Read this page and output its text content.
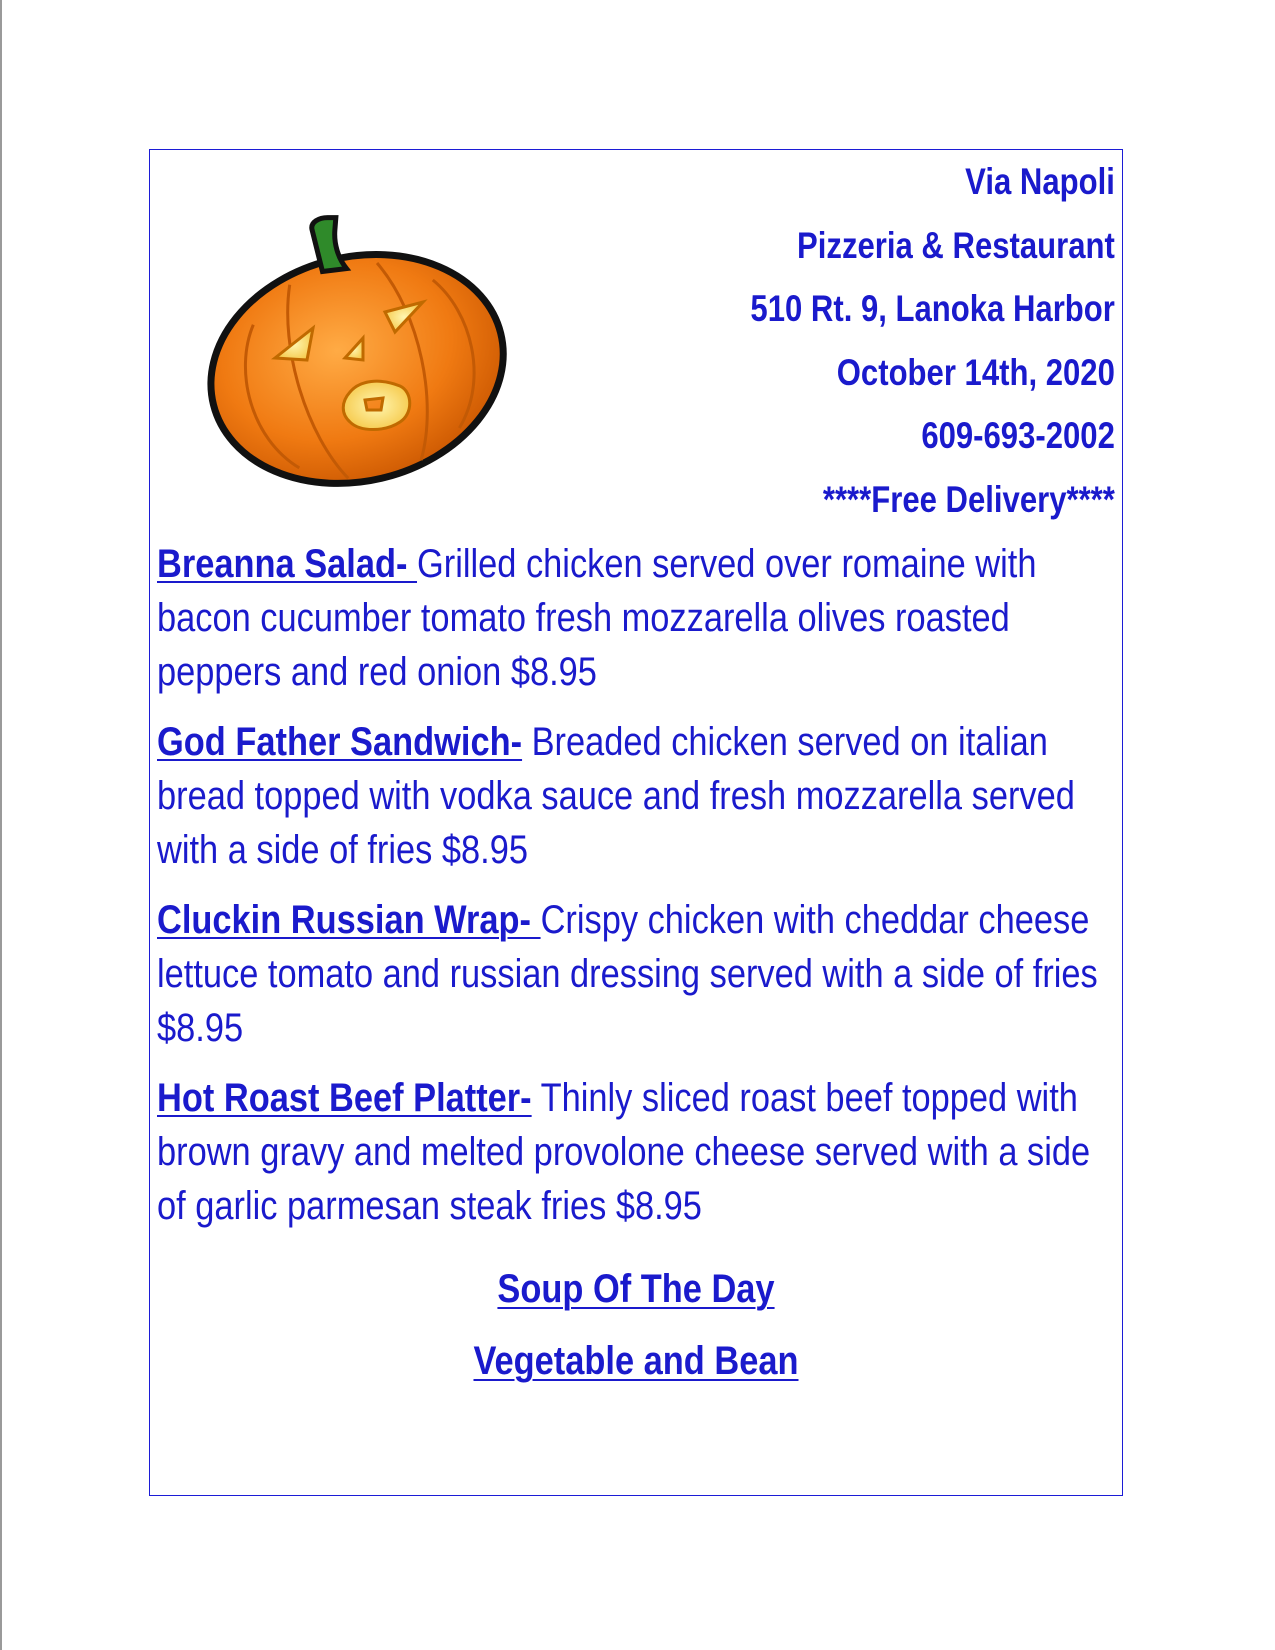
Via Napoli
Pizzeria & Restaurant
510 Rt. 9, Lanoka Harbor
October 14th, 2020
609-693-2002
****Free Delivery****
Breanna Salad- Grilled chicken served over romaine with bacon cucumber tomato fresh mozzarella olives roasted peppers and red onion $8.95
God Father Sandwich- Breaded chicken served on italian bread topped with vodka sauce and fresh mozzarella served with a side of fries $8.95
Cluckin Russian Wrap- Crispy chicken with cheddar cheese lettuce tomato and russian dressing served with a side of fries $8.95
Hot Roast Beef Platter- Thinly sliced roast beef topped with brown gravy and melted provolone cheese served with a side of garlic parmesan steak fries $8.95
Soup Of The Day
Vegetable and Bean
